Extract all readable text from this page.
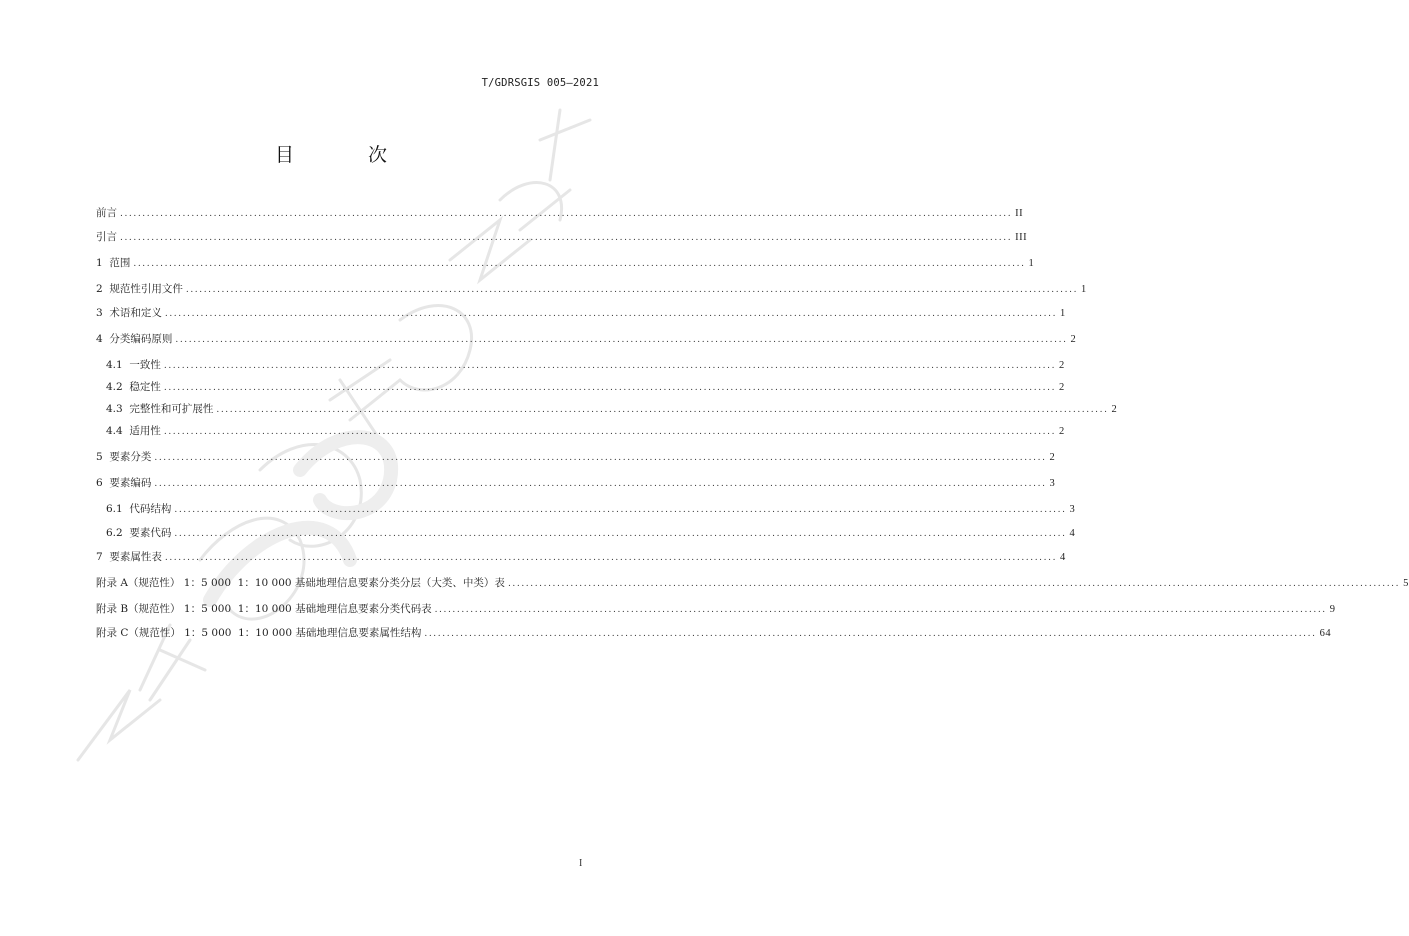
T/GDRSGIS 005—2021
目 次
前言 ........................................................................................................................................................................................................ II
引言 ........................................................................................................................................................................................................ III
1  范围 ........................................................................................................................................................................................................ 1
2  规范性引用文件 ........................................................................................................................................................................................................ 1
3  术语和定义 ........................................................................................................................................................................................................ 1
4  分类编码原则 ........................................................................................................................................................................................................ 2
4.1  一致性 ........................................................................................................................................................................................................ 2
4.2  稳定性 ........................................................................................................................................................................................................ 2
4.3  完整性和可扩展性 ........................................................................................................................................................................................................ 2
4.4  适用性 ........................................................................................................................................................................................................ 2
5  要素分类 ........................................................................................................................................................................................................ 2
6  要素编码 ........................................................................................................................................................................................................ 3
6.1  代码结构 ........................................................................................................................................................................................................ 3
6.2  要素代码 ........................................................................................................................................................................................................ 4
7  要素属性表 ........................................................................................................................................................................................................ 4
附录 A（规范性） 1：5 000  1：10 000 基础地理信息要素分类分层（大类、中类）表 ........................................................................................................................................................................................................ 5
附录 B（规范性） 1：5 000  1：10 000 基础地理信息要素分类代码表 ........................................................................................................................................................................................................ 9
附录 C（规范性） 1：5 000  1：10 000 基础地理信息要素属性结构 ........................................................................................................................................................................................................ 64
I
